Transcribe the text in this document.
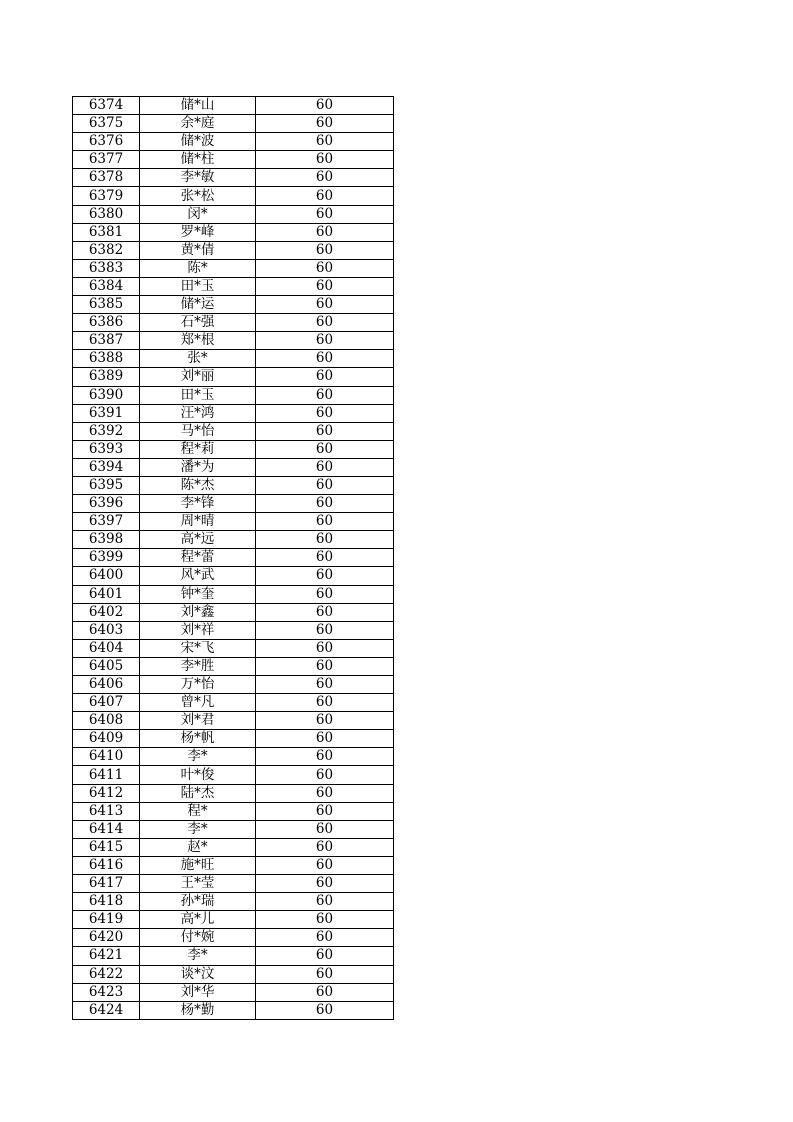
6374	储*山	60
6375	余*庭	60
6376	储*波	60
6377	储*柱	60
6378	李*敏	60
6379	张*松	60
6380	闵*	60
6381	罗*峰	60
6382	黄*倩	60
6383	陈*	60
6384	田*玉	60
6385	储*运	60
6386	石*强	60
6387	郑*根	60
6388	张*	60
6389	刘*丽	60
6390	田*玉	60
6391	汪*鸿	60
6392	马*怡	60
6393	程*莉	60
6394	潘*为	60
6395	陈*杰	60
6396	李*锋	60
6397	周*晴	60
6398	高*远	60
6399	程*蕾	60
6400	风*武	60
6401	钟*奎	60
6402	刘*鑫	60
6403	刘*祥	60
6404	宋*飞	60
6405	李*胜	60
6406	万*怡	60
6407	曾*凡	60
6408	刘*君	60
6409	杨*帆	60
6410	李*	60
6411	叶*俊	60
6412	陆*杰	60
6413	程*	60
6414	李*	60
6415	赵*	60
6416	施*旺	60
6417	王*莹	60
6418	孙*瑞	60
6419	高*儿	60
6420	付*婉	60
6421	李*	60
6422	谈*汶	60
6423	刘*华	60
6424	杨*勤	60
